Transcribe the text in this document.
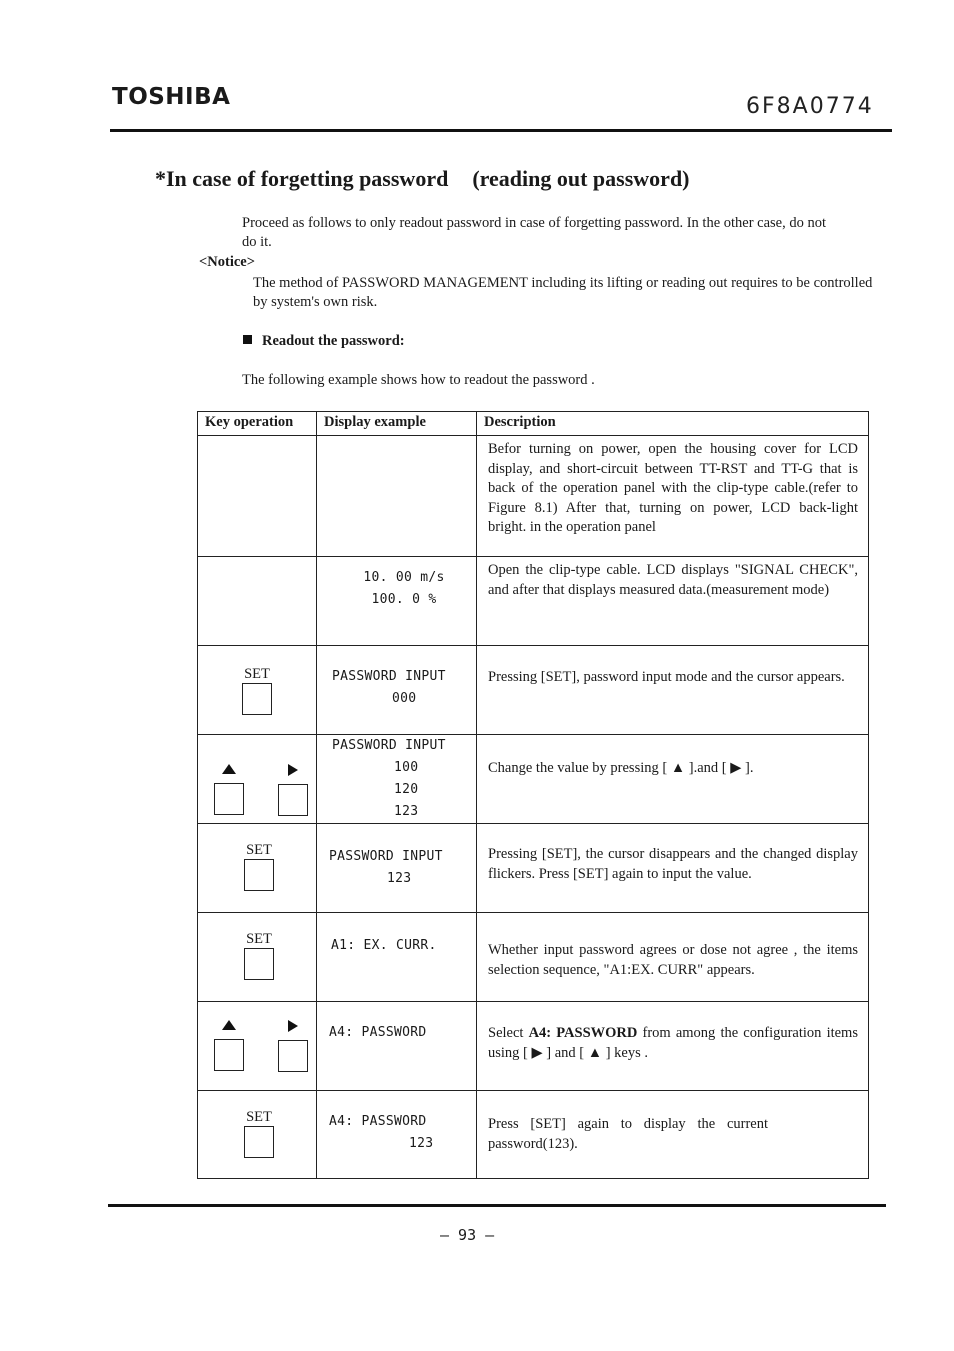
TOSHIBA	6F8A0774
*In case of forgetting password (reading out password)
Proceed as follows to only readout password in case of forgetting password. In the other case, do not do it.
<Notice>
The method of PASSWORD MANAGEMENT including its lifting or reading out requires to be controlled by system's own risk.
Readout the password:
The following example shows how to readout the password .
Key operation	Display example	Description

		Befor turning on power, open the housing cover for LCD display, and short-circuit between TT-RST and TT-G that is back of the operation panel with the clip-type cable.(refer to Figure 8.1) After that, turning on power, LCD back-light bright. in the operation panel

	10. 00 m/s
100. 0 %	Open the clip-type cable. LCD displays "SIGNAL CHECK", and after that displays measured data.(measurement mode)

SET	PASSWORD INPUT
000	Pressing [SET], password input mode and the cursor appears.

	PASSWORD INPUT
100
120
123	Change the value by pressing [ ▲ ].and [ ▶ ].

SET	PASSWORD INPUT
123	Pressing [SET], the cursor disappears and the changed display flickers. Press [SET] again to input the value.

SET	A1: EX. CURR.	Whether input password agrees or dose not agree , the items selection sequence, "A1:EX. CURR" appears.

	A4: PASSWORD	Select A4: PASSWORD from among the configuration items using [ ▶ ] and [ ▲ ] keys .

SET	A4: PASSWORD
123	Press [SET] again to display the current password(123).
— 93 —
